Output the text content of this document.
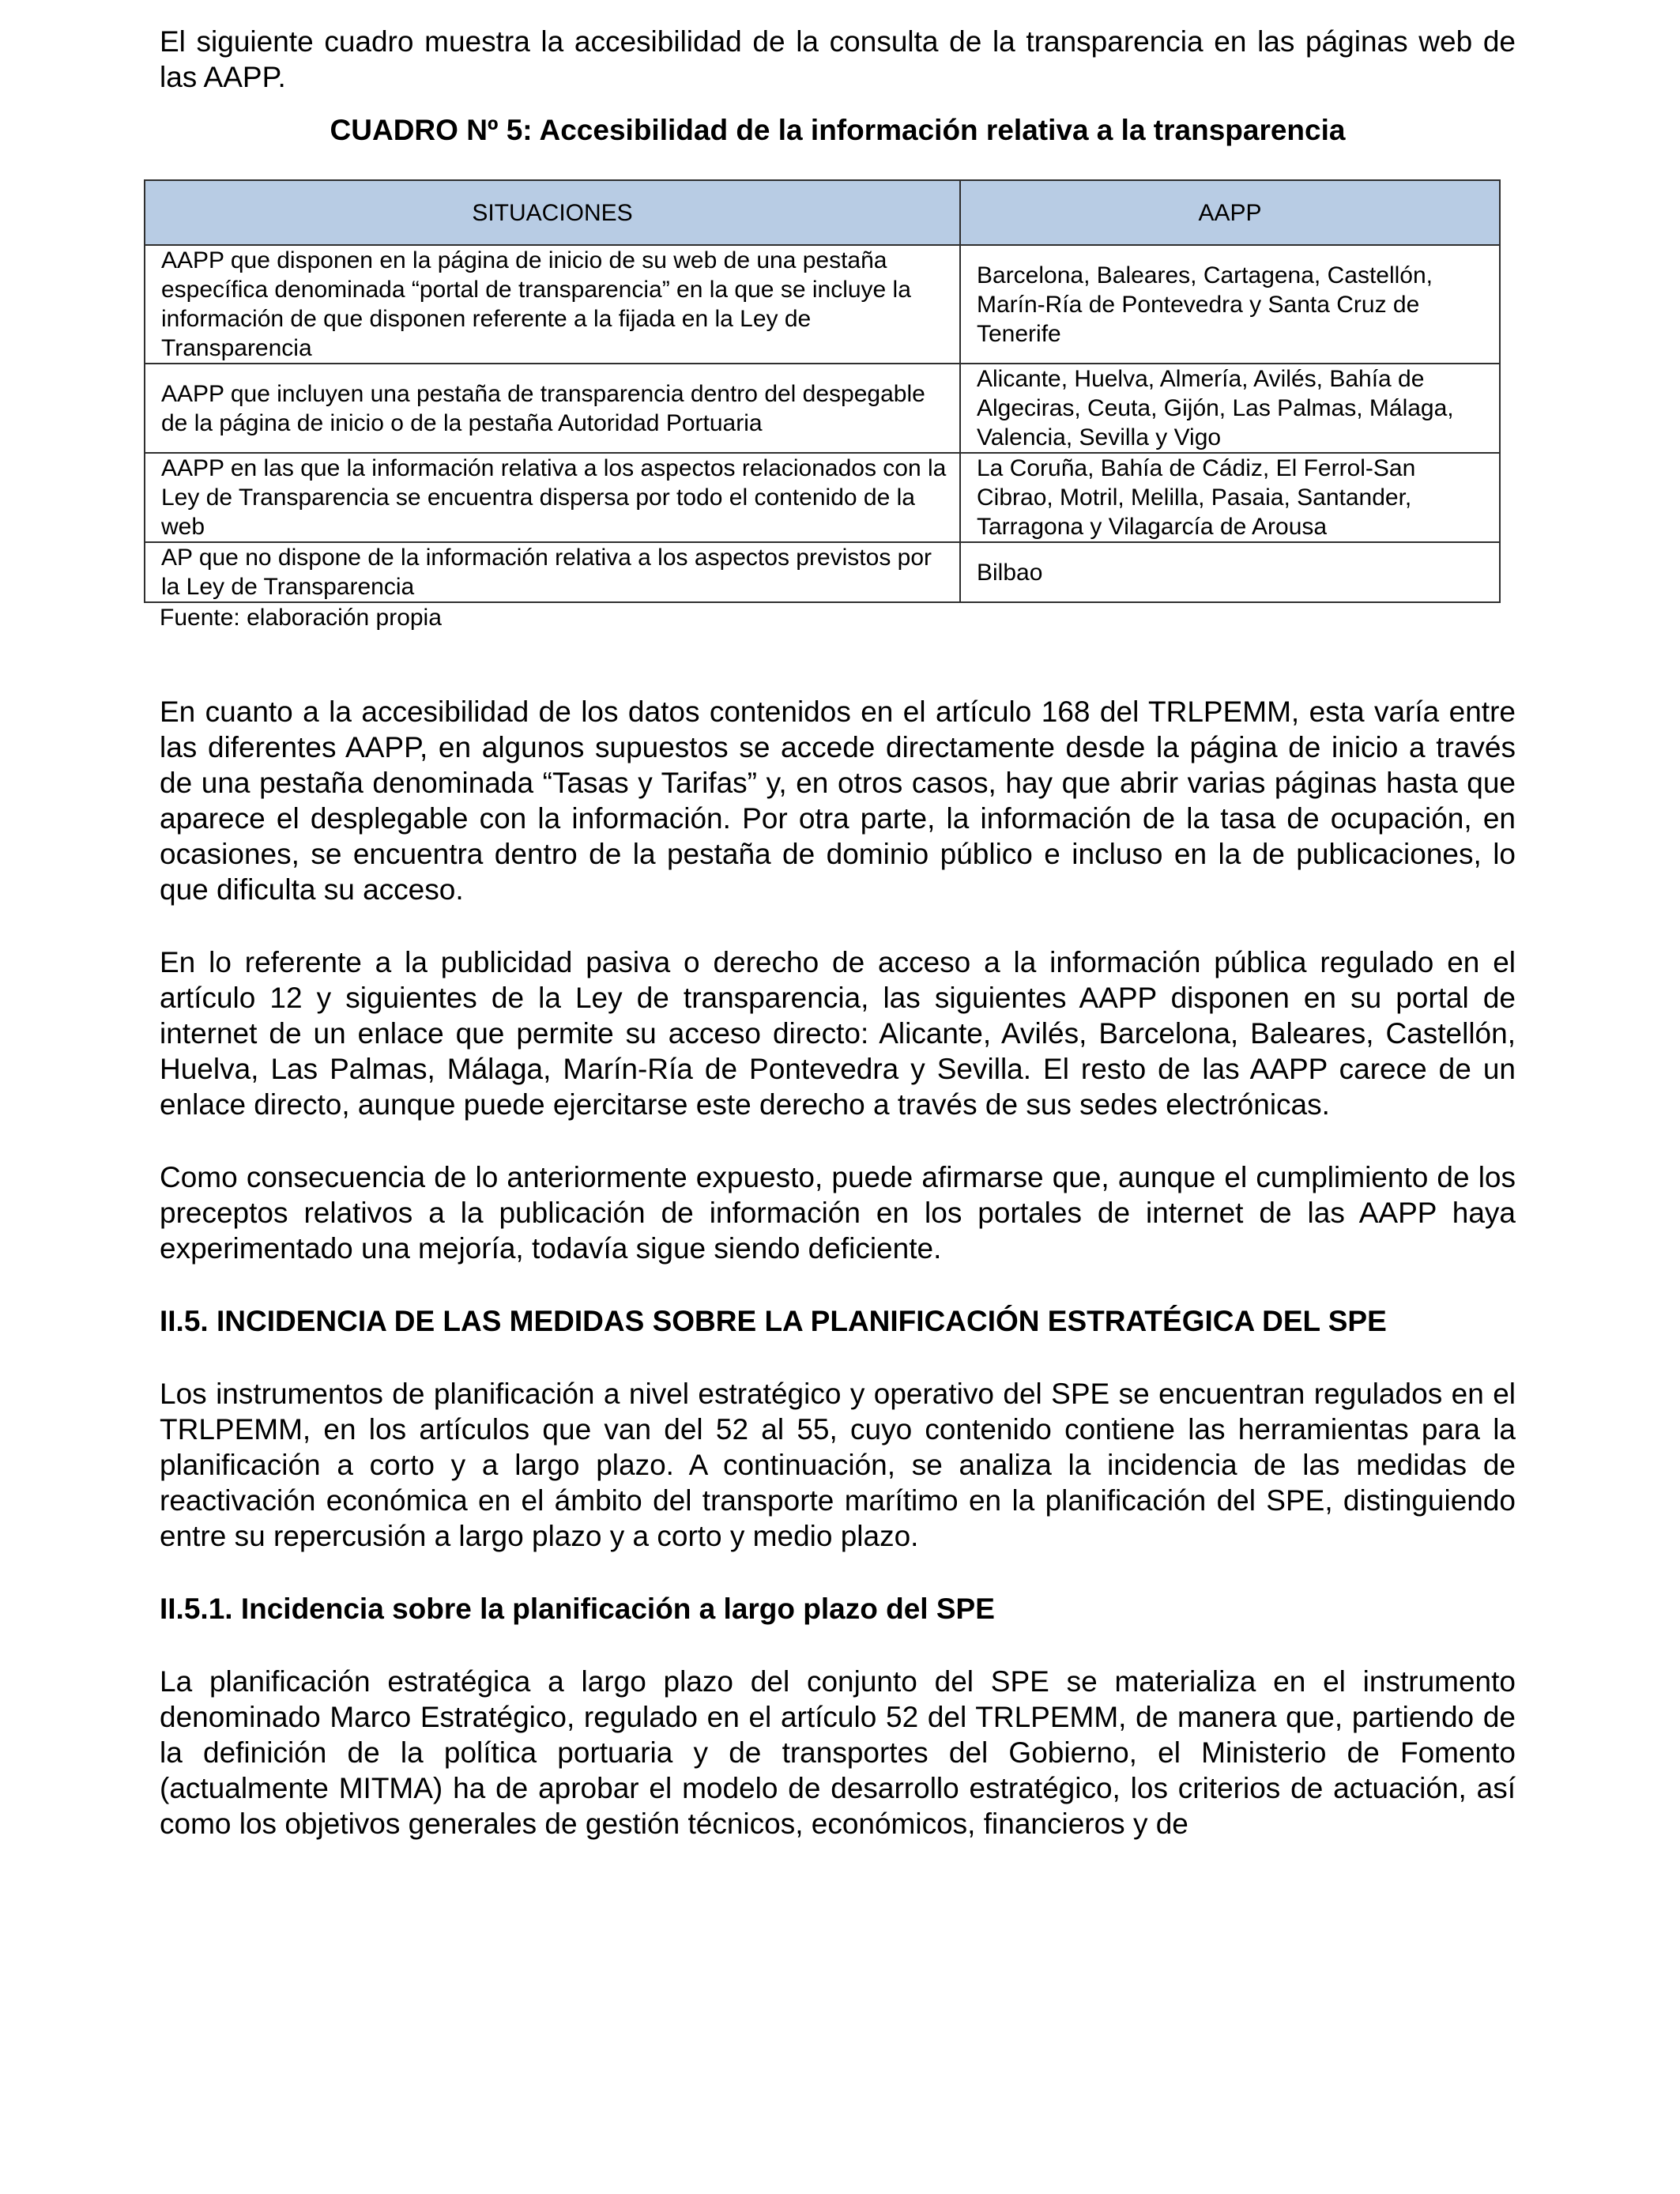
El siguiente cuadro muestra la accesibilidad de la consulta de la transparencia en las páginas web de las AAPP.

CUADRO Nº 5: Accesibilidad de la información relativa a la transparencia

SITUACIONES	AAPP
AAPP que disponen en la página de inicio de su web de una pestaña específica denominada “portal de transparencia” en la que se incluye la información de que disponen referente a la fijada en la Ley de Transparencia	Barcelona, Baleares, Cartagena, Castellón, Marín-Ría de Pontevedra y Santa Cruz de Tenerife
AAPP que incluyen una pestaña de transparencia dentro del despegable de la página de inicio o de la pestaña Autoridad Portuaria	Alicante, Huelva, Almería, Avilés, Bahía de Algeciras, Ceuta, Gijón, Las Palmas, Málaga, Valencia, Sevilla y Vigo
AAPP en las que la información relativa a los aspectos relacionados con la Ley de Transparencia se encuentra dispersa por todo el contenido de la web	La Coruña, Bahía de Cádiz, El Ferrol-San Cibrao, Motril, Melilla, Pasaia, Santander, Tarragona y Vilagarcía de Arousa
AP que no dispone de la información relativa a los aspectos previstos por la Ley de Transparencia	Bilbao

Fuente: elaboración propia

En cuanto a la accesibilidad de los datos contenidos en el artículo 168 del TRLPEMM, esta varía entre las diferentes AAPP, en algunos supuestos se accede directamente desde la página de inicio a través de una pestaña denominada “Tasas y Tarifas” y, en otros casos, hay que abrir varias páginas hasta que aparece el desplegable con la información. Por otra parte, la información de la tasa de ocupación, en ocasiones, se encuentra dentro de la pestaña de dominio público e incluso en la de publicaciones, lo que dificulta su acceso.

En lo referente a la publicidad pasiva o derecho de acceso a la información pública regulado en el artículo 12 y siguientes de la Ley de transparencia, las siguientes AAPP disponen en su portal de internet de un enlace que permite su acceso directo: Alicante, Avilés, Barcelona, Baleares, Castellón, Huelva, Las Palmas, Málaga, Marín-Ría de Pontevedra y Sevilla. El resto de las AAPP carece de un enlace directo, aunque puede ejercitarse este derecho a través de sus sedes electrónicas.

Como consecuencia de lo anteriormente expuesto, puede afirmarse que, aunque el cumplimiento de los preceptos relativos a la publicación de información en los portales de internet de las AAPP haya experimentado una mejoría, todavía sigue siendo deficiente.

II.5. INCIDENCIA DE LAS MEDIDAS SOBRE LA PLANIFICACIÓN ESTRATÉGICA DEL SPE

Los instrumentos de planificación a nivel estratégico y operativo del SPE se encuentran regulados en el TRLPEMM, en los artículos que van del 52 al 55, cuyo contenido contiene las herramientas para la planificación a corto y a largo plazo. A continuación, se analiza la incidencia de las medidas de reactivación económica en el ámbito del transporte marítimo en la planificación del SPE, distinguiendo entre su repercusión a largo plazo y a corto y medio plazo.

II.5.1. Incidencia sobre la planificación a largo plazo del SPE

La planificación estratégica a largo plazo del conjunto del SPE se materializa en el instrumento denominado Marco Estratégico, regulado en el artículo 52 del TRLPEMM, de manera que, partiendo de la definición de la política portuaria y de transportes del Gobierno, el Ministerio de Fomento (actualmente MITMA) ha de aprobar el modelo de desarrollo estratégico, los criterios de actuación, así como los objetivos generales de gestión técnicos, económicos, financieros y de
